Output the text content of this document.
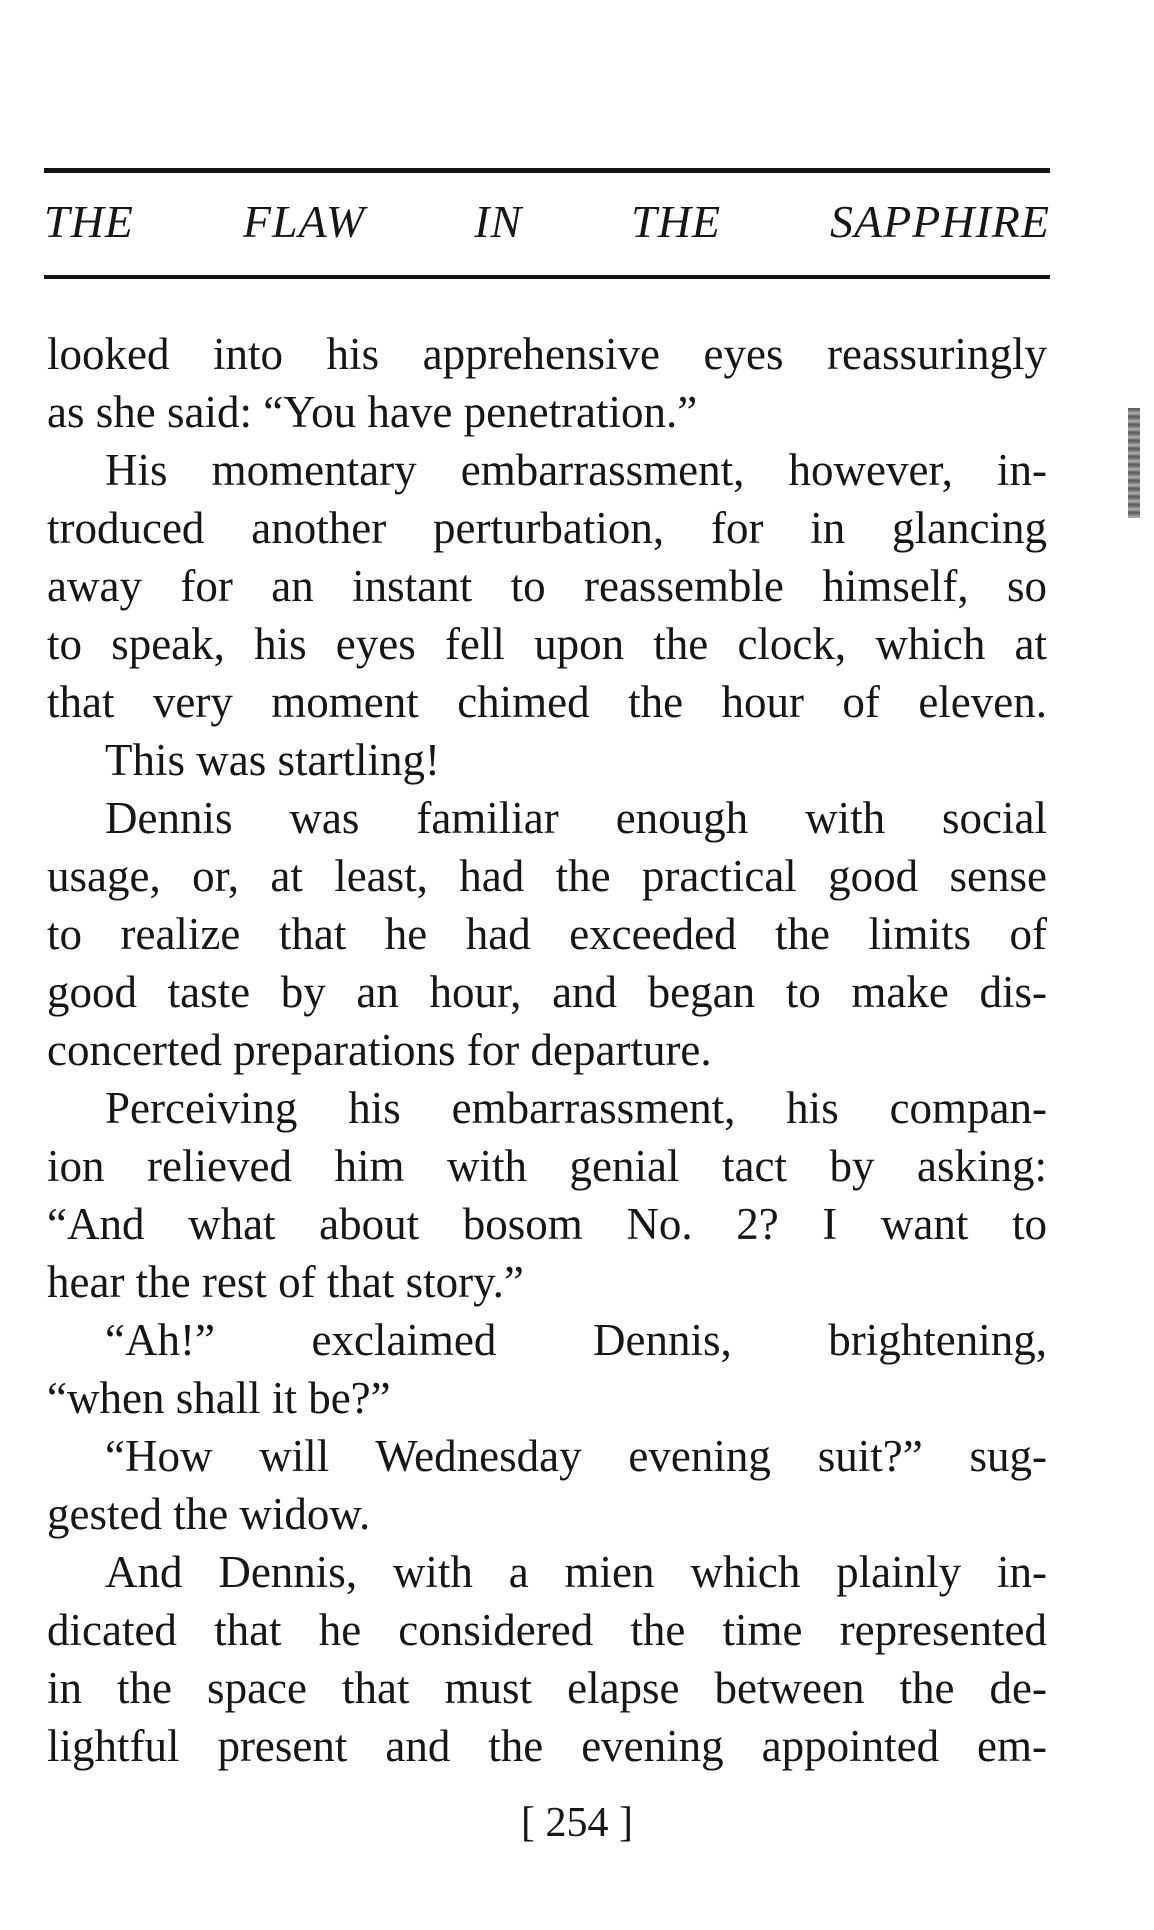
THE FLAW IN THE SAPPHIRE
looked into his apprehensive eyes reassuringly
as she said: “You have penetration.”
His momentary embarrassment, however, in-
troduced another perturbation, for in glancing
away for an instant to reassemble himself, so
to speak, his eyes fell upon the clock, which at
that very moment chimed the hour of eleven.
This was startling!
Dennis was familiar enough with social
usage, or, at least, had the practical good sense
to realize that he had exceeded the limits of
good taste by an hour, and began to make dis-
concerted preparations for departure.
Perceiving his embarrassment, his compan-
ion relieved him with genial tact by asking:
“And what about bosom No. 2? I want to
hear the rest of that story.”
“Ah!” exclaimed Dennis, brightening,
“when shall it be?”
“How will Wednesday evening suit?” sug-
gested the widow.
And Dennis, with a mien which plainly in-
dicated that he considered the time represented
in the space that must elapse between the de-
lightful present and the evening appointed em-
[ 254 ]
